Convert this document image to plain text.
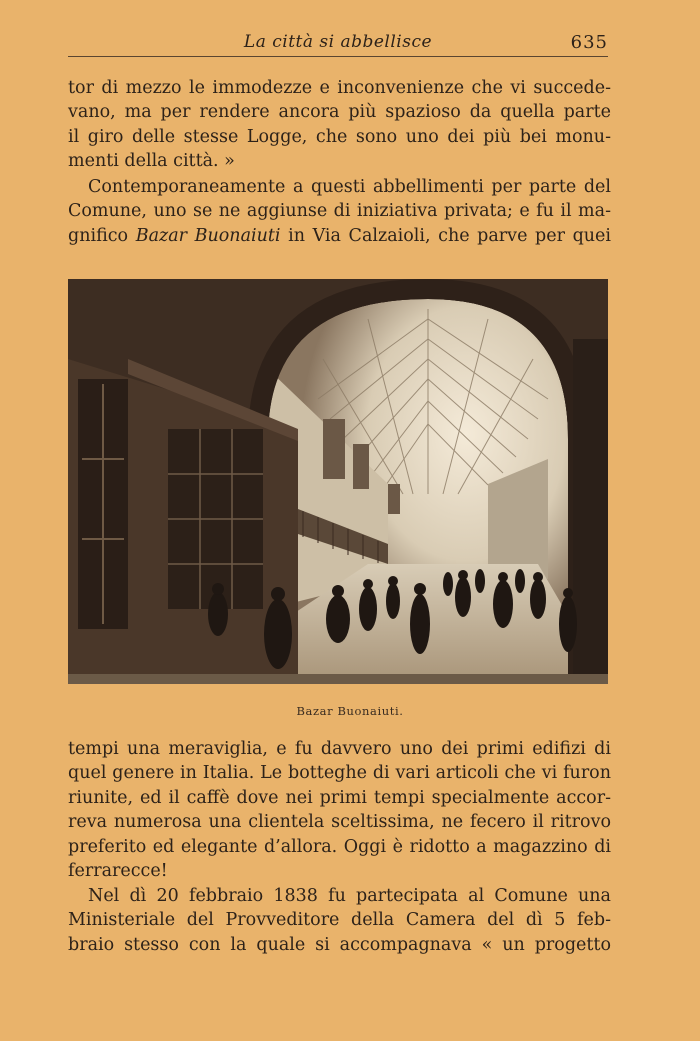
La città si abbellisce	635
tor di mezzo le immodezze e inconvenienze che vi succede-
vano, ma per rendere ancora più spazioso da quella parte
il giro delle stesse Logge, che sono uno dei più bei monu-
menti della città. »
Contemporaneamente a questi abbellimenti per parte del
Comune, uno se ne aggiunse di iniziativa privata; e fu il ma-
gnifico Bazar Buonaiuti in Via Calzaioli, che parve per quei
Bazar Buonaiuti.
tempi una meraviglia, e fu davvero uno dei primi edifizi di
quel genere in Italia. Le botteghe di vari articoli che vi furon
riunite, ed il caffè dove nei primi tempi specialmente accor-
reva numerosa una clientela sceltissima, ne fecero il ritrovo
preferito ed elegante d’allora. Oggi è ridotto a magazzino di
ferrarecce!
Nel dì 20 febbraio 1838 fu partecipata al Comune una
Ministeriale del Provveditore della Camera del dì 5 feb-
braio stesso con la quale si accompagnava « un progetto
